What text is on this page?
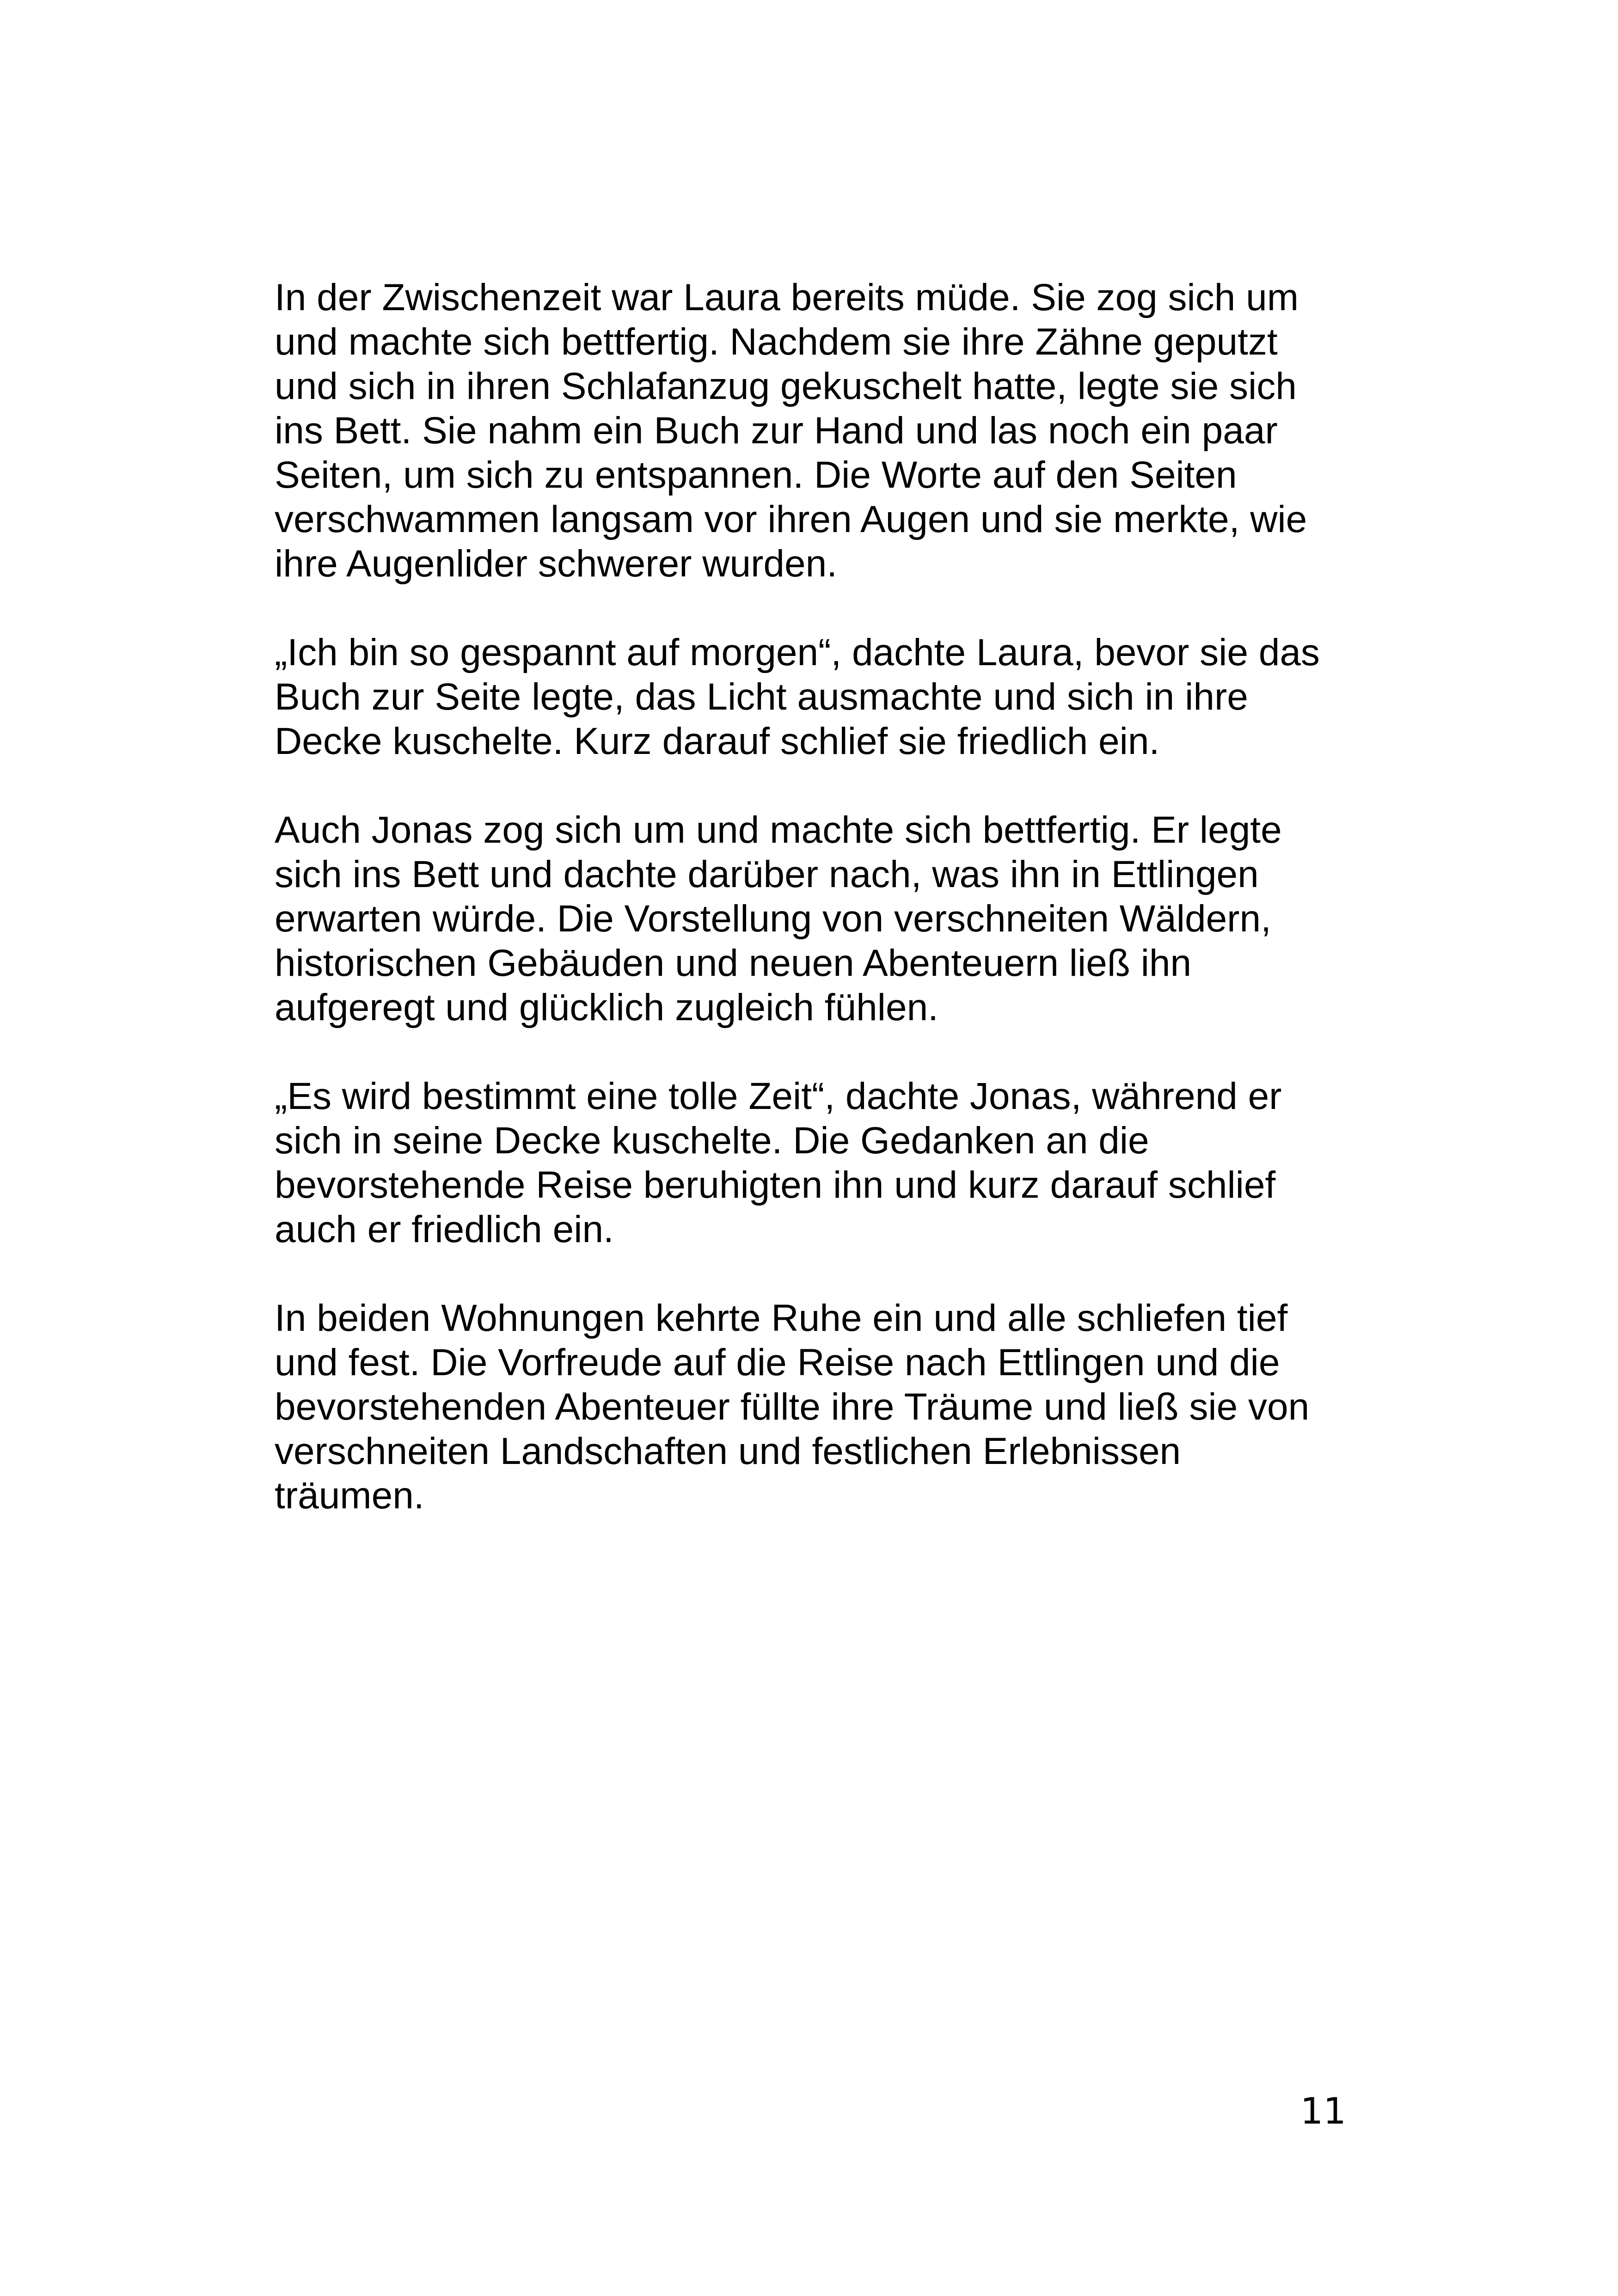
In der Zwischenzeit war Laura bereits müde. Sie zog sich um
und machte sich bettfertig. Nachdem sie ihre Zähne geputzt
und sich in ihren Schlafanzug gekuschelt hatte, legte sie sich
ins Bett. Sie nahm ein Buch zur Hand und las noch ein paar
Seiten, um sich zu entspannen. Die Worte auf den Seiten
verschwammen langsam vor ihren Augen und sie merkte, wie
ihre Augenlider schwerer wurden.

„Ich bin so gespannt auf morgen“, dachte Laura, bevor sie das
Buch zur Seite legte, das Licht ausmachte und sich in ihre
Decke kuschelte. Kurz darauf schlief sie friedlich ein.

Auch Jonas zog sich um und machte sich bettfertig. Er legte
sich ins Bett und dachte darüber nach, was ihn in Ettlingen
erwarten würde. Die Vorstellung von verschneiten Wäldern,
historischen Gebäuden und neuen Abenteuern ließ ihn
aufgeregt und glücklich zugleich fühlen.

„Es wird bestimmt eine tolle Zeit“, dachte Jonas, während er
sich in seine Decke kuschelte. Die Gedanken an die
bevorstehende Reise beruhigten ihn und kurz darauf schlief
auch er friedlich ein.

In beiden Wohnungen kehrte Ruhe ein und alle schliefen tief
und fest. Die Vorfreude auf die Reise nach Ettlingen und die
bevorstehenden Abenteuer füllte ihre Träume und ließ sie von
verschneiten Landschaften und festlichen Erlebnissen
träumen.

11
